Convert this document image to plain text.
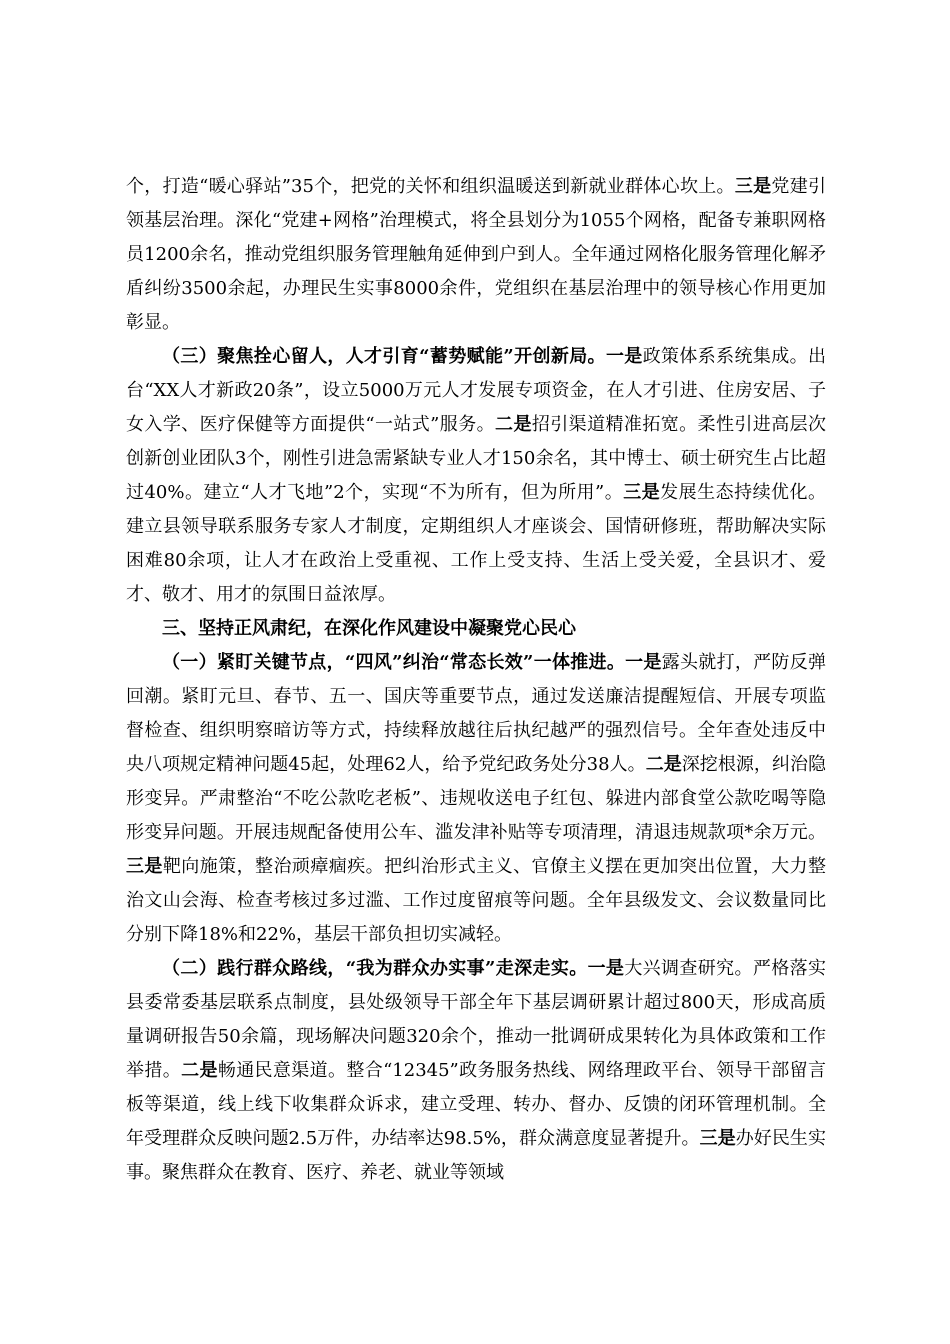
个，打造“暖心驿站”35个，把党的关怀和组织温暖送到新就业群体心坎上。三是党建引领基层治理。深化“党建+网格”治理模式，将全县划分为1055个网格，配备专兼职网格员1200余名，推动党组织服务管理触角延伸到户到人。全年通过网格化服务管理化解矛盾纠纷3500余起，办理民生实事8000余件，党组织在基层治理中的领导核心作用更加彰显。

（三）聚焦拴心留人，人才引育“蓄势赋能”开创新局。一是政策体系系统集成。出台“XX人才新政20条”，设立5000万元人才发展专项资金，在人才引进、住房安居、子女入学、医疗保健等方面提供“一站式”服务。二是招引渠道精准拓宽。柔性引进高层次创新创业团队3个，刚性引进急需紧缺专业人才150余名，其中博士、硕士研究生占比超过40%。建立“人才飞地”2个，实现“不为所有，但为所用”。三是发展生态持续优化。建立县领导联系服务专家人才制度，定期组织人才座谈会、国情研修班，帮助解决实际困难80余项，让人才在政治上受重视、工作上受支持、生活上受关爱，全县识才、爱才、敬才、用才的氛围日益浓厚。

三、坚持正风肃纪，在深化作风建设中凝聚党心民心

（一）紧盯关键节点，“四风”纠治“常态长效”一体推进。一是露头就打，严防反弹回潮。紧盯元旦、春节、五一、国庆等重要节点，通过发送廉洁提醒短信、开展专项监督检查、组织明察暗访等方式，持续释放越往后执纪越严的强烈信号。全年查处违反中央八项规定精神问题45起，处理62人，给予党纪政务处分38人。二是深挖根源，纠治隐形变异。严肃整治“不吃公款吃老板”、违规收送电子红包、躲进内部食堂公款吃喝等隐形变异问题。开展违规配备使用公车、滥发津补贴等专项清理，清退违规款项*余万元。三是靶向施策，整治顽瘴痼疾。把纠治形式主义、官僚主义摆在更加突出位置，大力整治文山会海、检查考核过多过滥、工作过度留痕等问题。全年县级发文、会议数量同比分别下降18%和22%，基层干部负担切实减轻。

（二）践行群众路线，“我为群众办实事”走深走实。一是大兴调查研究。严格落实县委常委基层联系点制度，县处级领导干部全年下基层调研累计超过800天，形成高质量调研报告50余篇，现场解决问题320余个，推动一批调研成果转化为具体政策和工作举措。二是畅通民意渠道。整合“12345”政务服务热线、网络理政平台、领导干部留言板等渠道，线上线下收集群众诉求，建立受理、转办、督办、反馈的闭环管理机制。全年受理群众反映问题2.5万件，办结率达98.5%，群众满意度显著提升。三是办好民生实事。聚焦群众在教育、医疗、养老、就业等领域
